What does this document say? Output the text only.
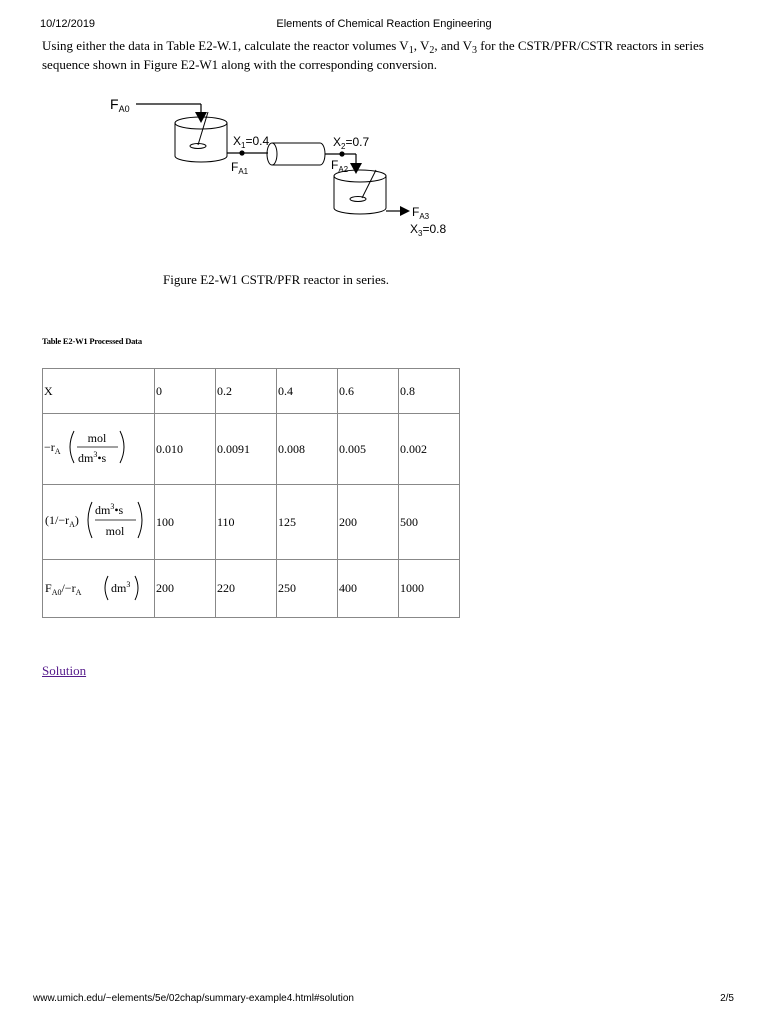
10/12/2019	Elements of Chemical Reaction Engineering
Using either the data in Table E2-W.1, calculate the reactor volumes $V_1$, $V_2$, and $V_3$ for the CSTR/PFR/CSTR reactors in series
sequence shown in Figure E2-W1 along with the corresponding conversion.
$F_{A0}$
$X_1=0.4$
$F_{A1}$
$X_2=0.7$
$F_{A2}$
$F_{A3}$
$X_3=0.8$
Figure E2-W1 CSTR/PFR reactor in series.
Table E2-W1 Processed Data
X	0	0.2	0.4	0.6	0.8

$-r_A$
mol
$dm^3•s$	0.010	0.0091	0.008	0.005	0.002

$(1/-r_A)$
$dm^3•s$
mol	100	110	125	200	500

$F_{A0}/-r_A$ $dm^3$	200	220	250	400	1000
Solution
www.umich.edu/~elements/5e/02chap/summary-example4.html#solution	2/5
